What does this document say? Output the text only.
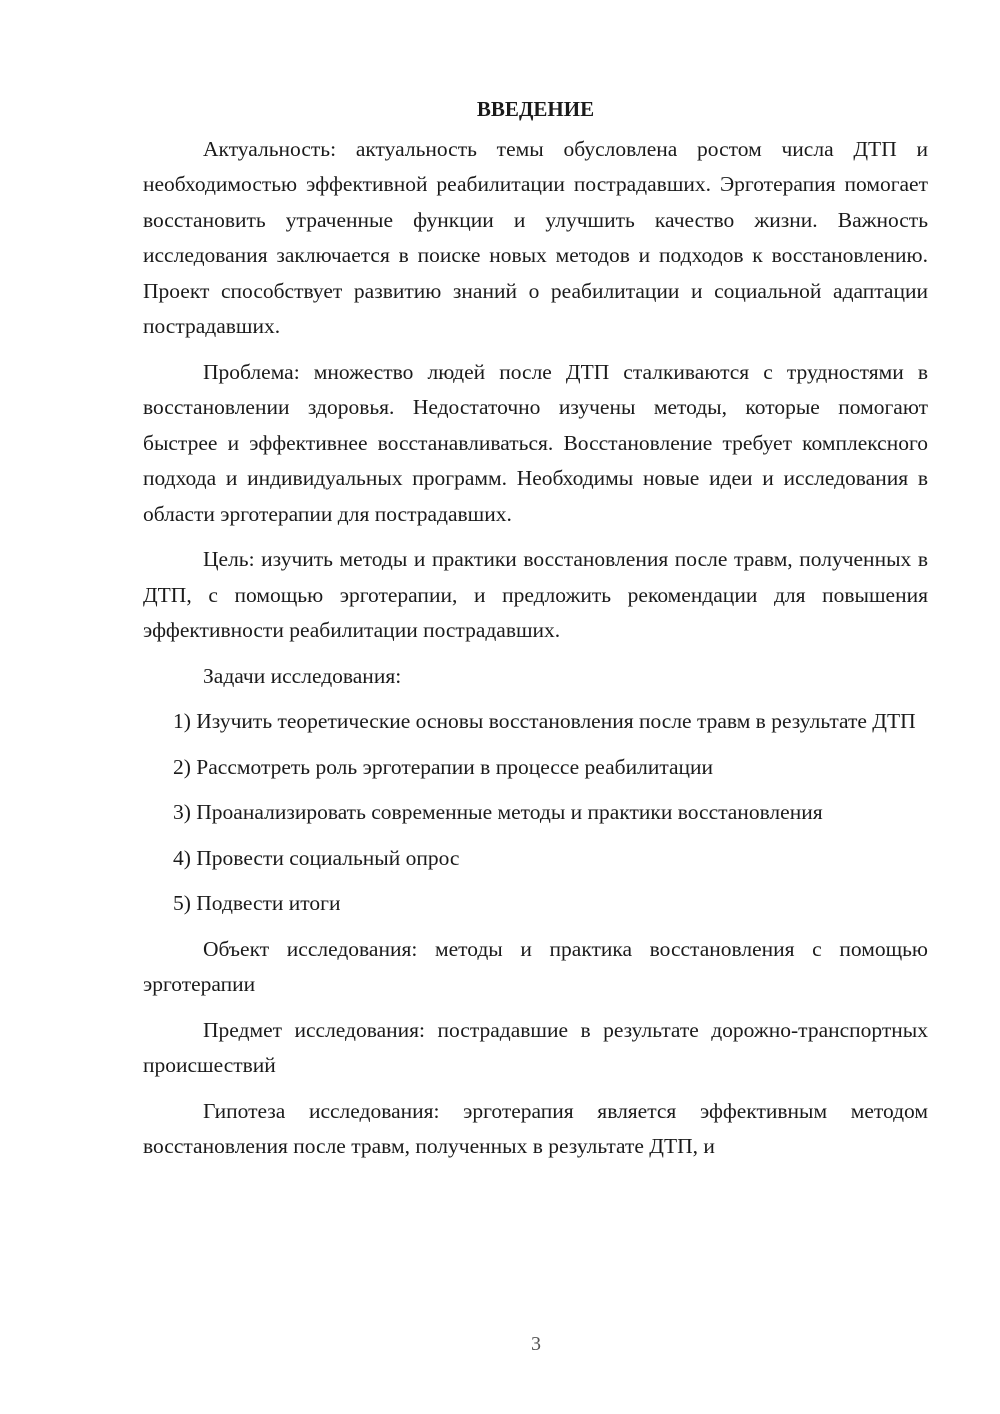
ВВЕДЕНИЕ

Актуальность: актуальность темы обусловлена ростом числа ДТП и необходимостью эффективной реабилитации пострадавших. Эрготерапия помогает восстановить утраченные функции и улучшить качество жизни. Важность исследования заключается в поиске новых методов и подходов к восстановлению. Проект способствует развитию знаний о реабилитации и социальной адаптации пострадавших.

Проблема: множество людей после ДТП сталкиваются с трудностями в восстановлении здоровья. Недостаточно изучены методы, которые помогают быстрее и эффективнее восстанавливаться. Восстановление требует комплексного подхода и индивидуальных программ. Необходимы новые идеи и исследования в области эрготерапии для пострадавших.

Цель: изучить методы и практики восстановления после травм, полученных в ДТП, с помощью эрготерапии, и предложить рекомендации для повышения эффективности реабилитации пострадавших.

Задачи исследования:

1) Изучить теоретические основы восстановления после травм в результате ДТП

2) Рассмотреть роль эрготерапии в процессе реабилитации

3) Проанализировать современные методы и практики восстановления

4) Провести социальный опрос

5) Подвести итоги

Объект исследования: методы и практика восстановления с помощью эрготерапии

Предмет исследования: пострадавшие в результате дорожно-транспортных происшествий

Гипотеза исследования: эрготерапия является эффективным методом восстановления после травм, полученных в результате ДТП, и

3
